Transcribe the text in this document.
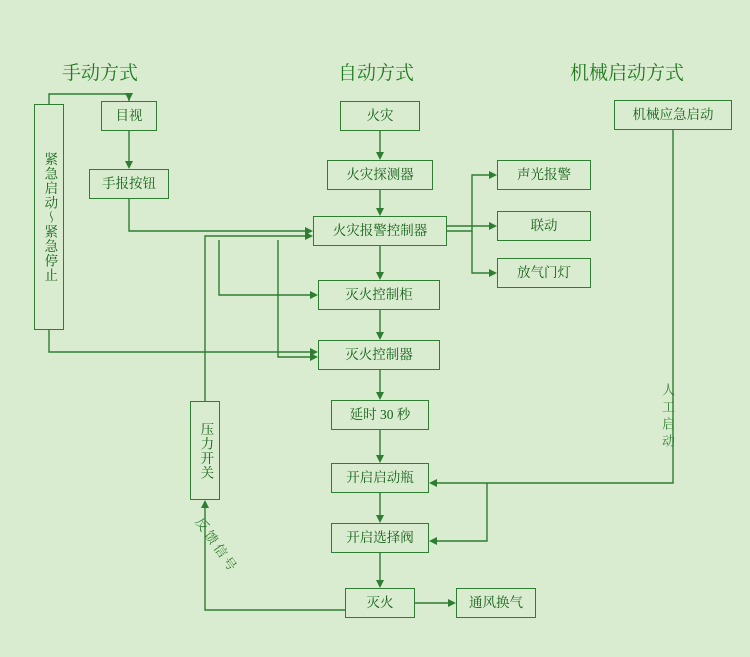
手动方式	自动方式	机械启动方式
目视
手报按钮
紧急启动～紧急停止
压力开关
火灾
火灾探测器
火灾报警控制器
灭火控制柜
灭火控制器
延时 30 秒
开启启动瓶
开启选择阀
灭火	通风换气
声光报警
联动
放气门灯
机械应急启动
人工启动
反馈信号
